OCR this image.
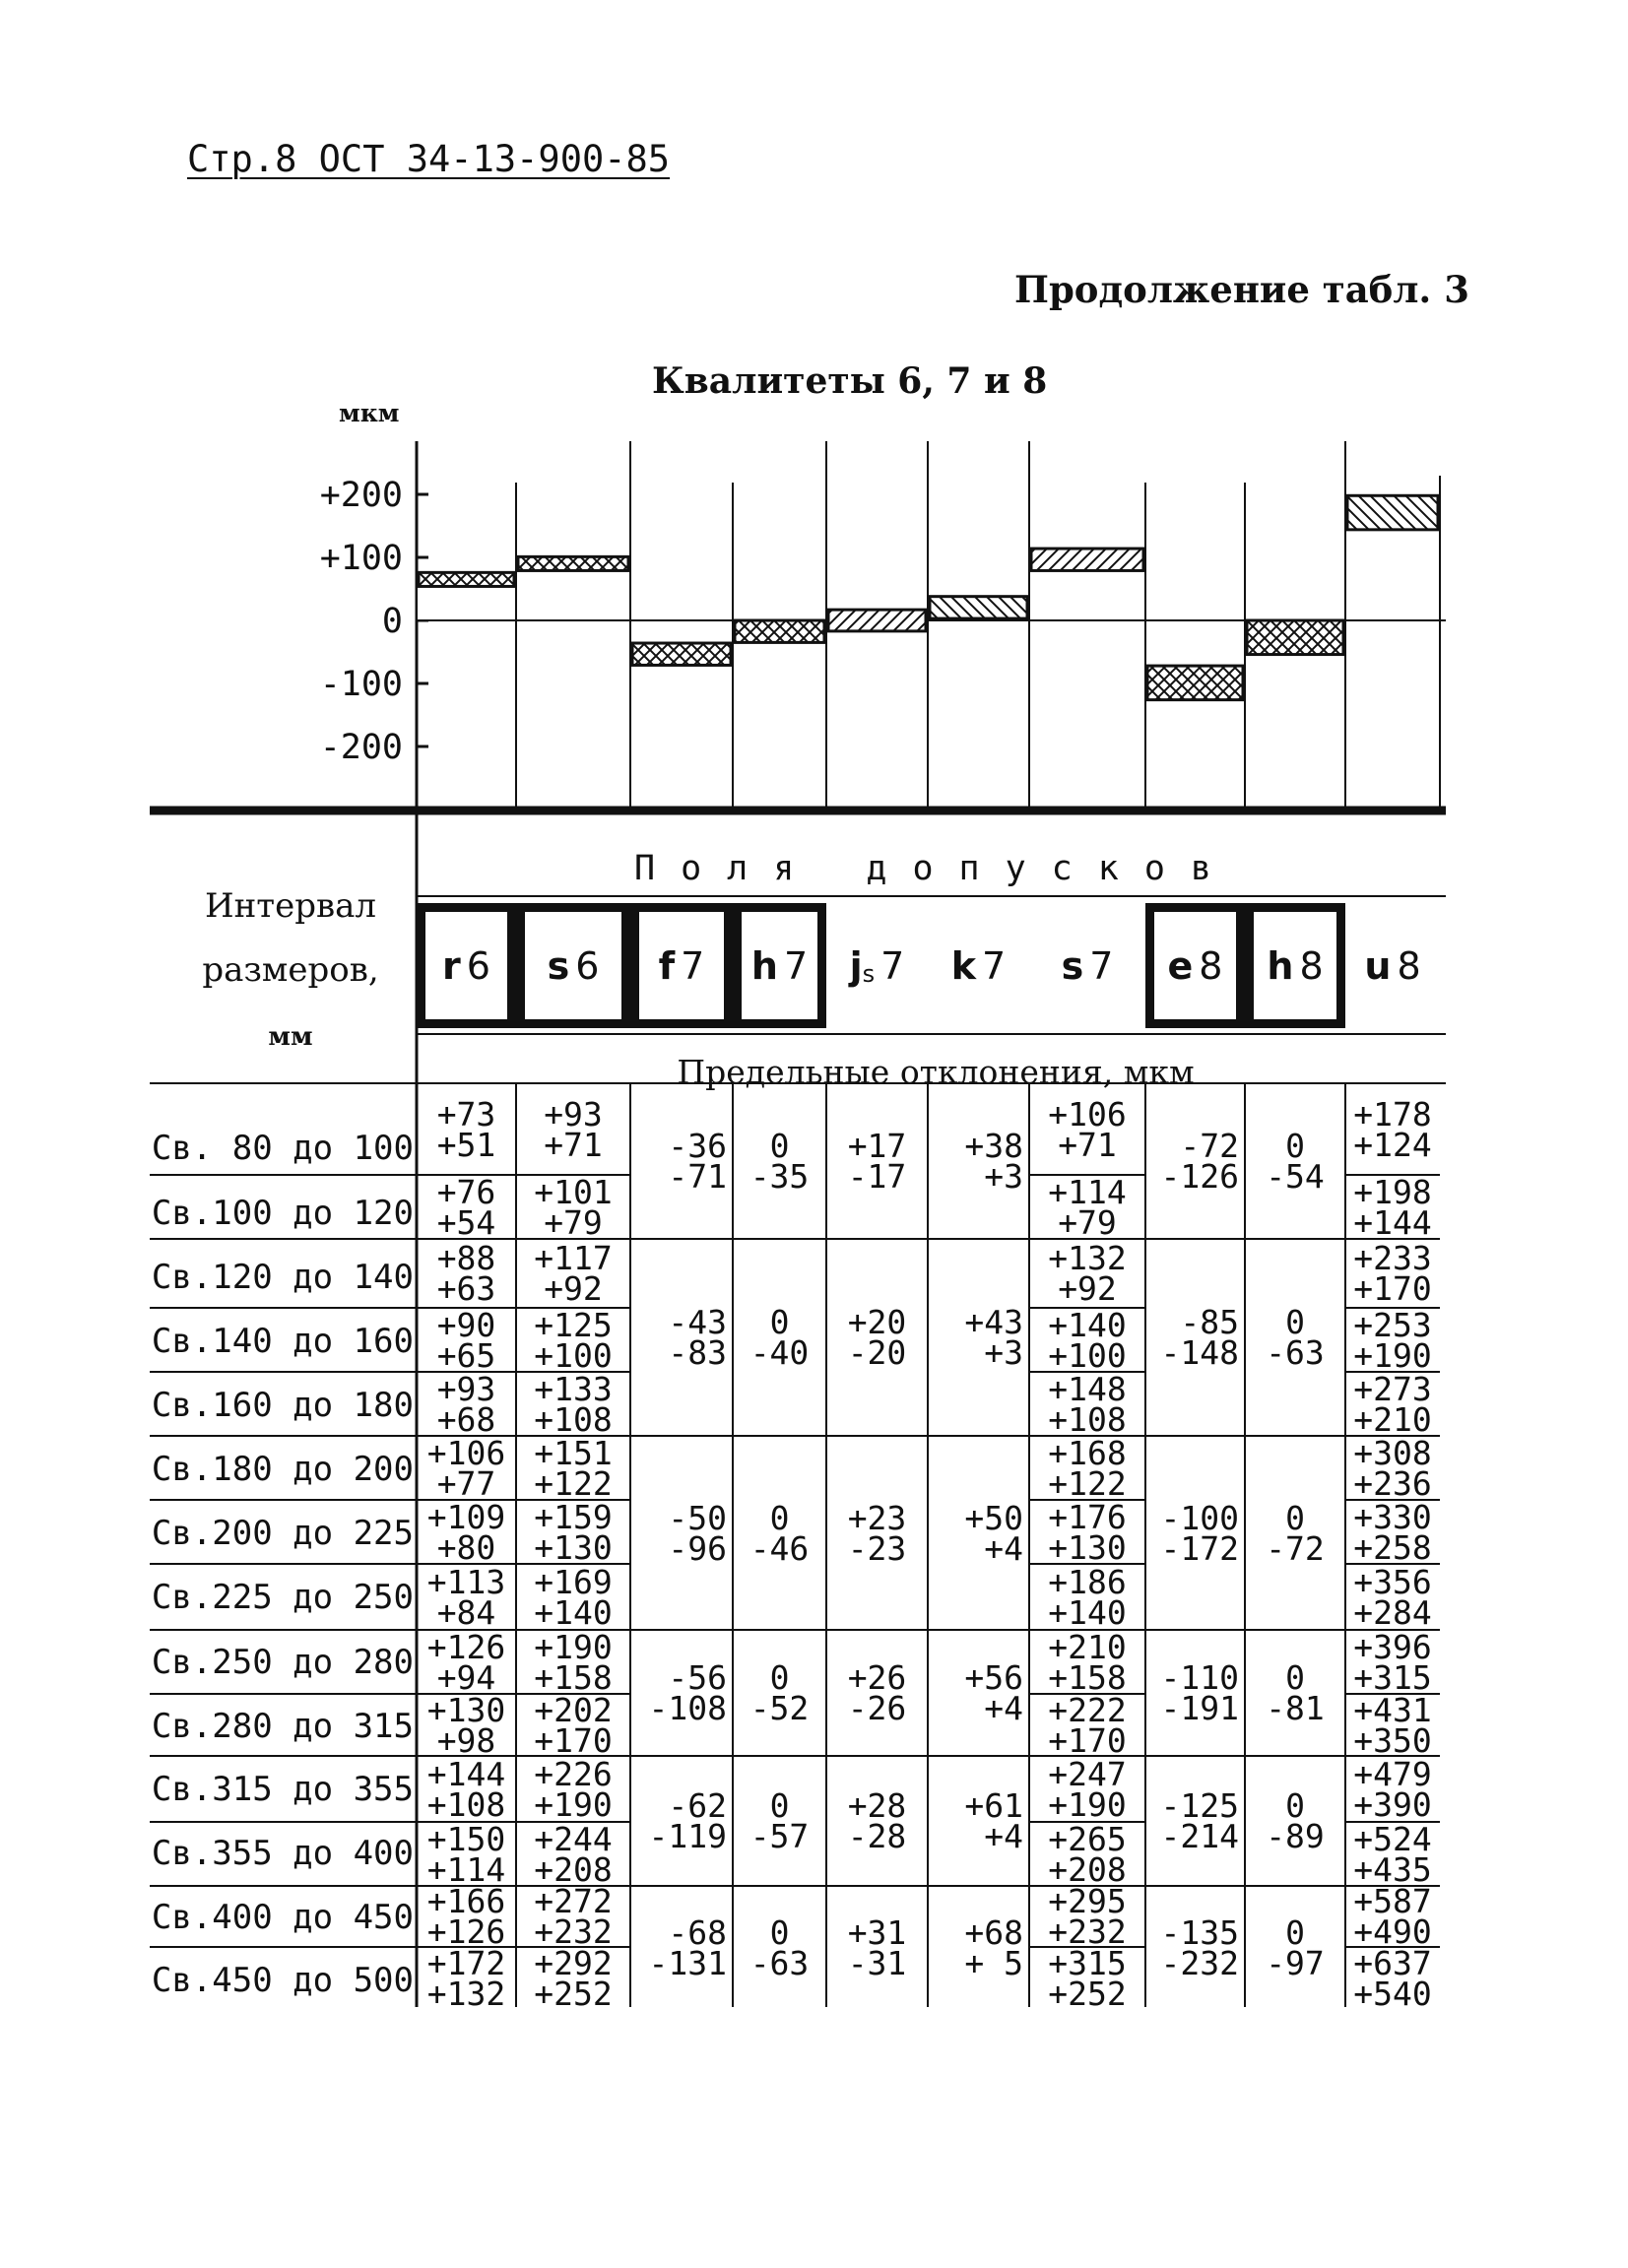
Стр.8 ОСТ 34-13-900-85
Продолжение табл. 3
Квалитеты 6, 7 и 8
мкм
+200
+100
0
-100
-200
Интервал
размеров,
мм
Поля допусков
Предельные отклонения, мкм
r 6 s 6 f 7 h 7 j $_s$ 7 k 7 s 7 e 8 h 8 u 8
Св. 80 до 100
Св.100 до 120
Св.120 до 140
Св.140 до 160
Св.160 до 180
Св.180 до 200
Св.200 до 225
Св.225 до 250
Св.250 до 280
Св.280 до 315
Св.315 до 355
Св.355 до 400
Св.400 до 450
Св.450 до 500
+73
+51
+76
+54
+88
+63
+90
+65
+93
+68
+106
+77
+109
+80
+113
+84
+126
+94
+130
+98
+144
+108
+150
+114
+166
+126
+172
+132
+93
+71
+101
+79
+117
+92
+125
+100
+133
+108
+151
+122
+159
+130
+169
+140
+190
+158
+202
+170
+226
+190
+244
+208
+272
+232
+292
+252
+106
+71
+114
+79
+132
+92
+140
+100
+148
+108
+168
+122
+176
+130
+186
+140
+210
+158
+222
+170
+247
+190
+265
+208
+295
+232
+315
+252
+178
+124
+198
+144
+233
+170
+253
+190
+273
+210
+308
+236
+330
+258
+356
+284
+396
+315
+431
+350
+479
+390
+524
+435
+587
+490
+637
+540
-36
-71
-43
-83
-50
-96
-56
-108
-62
-119
-68
-131
0
-35
0
-40
0
-46
0
-52
0
-57
0
-63
+17
-17
+20
-20
+23
-23
+26
-26
+28
-28
+31
-31
+38
+3
+43
+3
+50
+4
+56
+4
+61
+4
+68
+ 5
-72
-126
-85
-148
-100
-172
-110
-191
-125
-214
-135
-232
0
-54
0
-63
0
-72
0
-81
0
-89
0
-97
